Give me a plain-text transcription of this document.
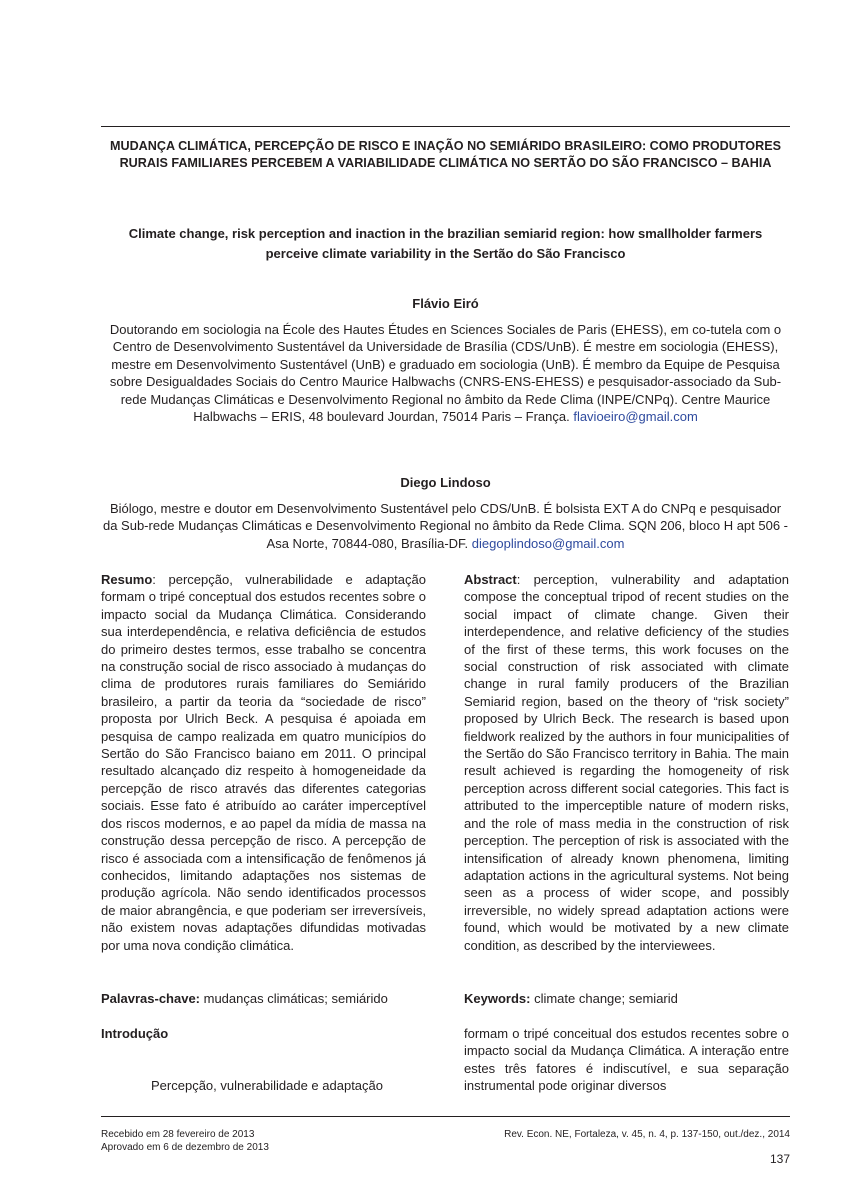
MUDANÇA CLIMÁTICA, PERCEPÇÃO DE RISCO E INAÇÃO NO SEMIÁRIDO BRASILEIRO: COMO PRODUTORES RURAIS FAMILIARES PERCEBEM A VARIABILIDADE CLIMÁTICA NO SERTÃO DO SÃO FRANCISCO – BAHIA
Climate change, risk perception and inaction in the brazilian semiarid region: how smallholder farmers perceive climate variability in the Sertão do São Francisco
Flávio Eiró
Doutorando em sociologia na École des Hautes Études en Sciences Sociales de Paris (EHESS), em co-tutela com o Centro de Desenvolvimento Sustentável da Universidade de Brasília (CDS/UnB). É mestre em sociologia (EHESS), mestre em Desenvolvimento Sustentável (UnB) e graduado em sociologia (UnB). É membro da Equipe de Pesquisa sobre Desigualdades Sociais do Centro Maurice Halbwachs (CNRS-ENS-EHESS) e pesquisador-associado da Sub-rede Mudanças Climáticas e Desenvolvimento Regional no âmbito da Rede Clima (INPE/CNPq). Centre Maurice Halbwachs – ERIS, 48 boulevard Jourdan, 75014 Paris – França. flavioeiro@gmail.com
Diego Lindoso
Biólogo, mestre e doutor em Desenvolvimento Sustentável pelo CDS/UnB. É bolsista EXT A do CNPq e pesquisador da Sub-rede Mudanças Climáticas e Desenvolvimento Regional no âmbito da Rede Clima. SQN 206, bloco H apt 506 - Asa Norte, 70844-080, Brasília-DF. diegoplindoso@gmail.com
Resumo: percepção, vulnerabilidade e adaptação formam o tripé conceptual dos estudos recentes sobre o impacto social da Mudança Climática. Considerando sua interdependência, e relativa deficiência de estudos do primeiro destes termos, esse trabalho se concentra na construção social de risco associado à mudanças do clima de produtores rurais familiares do Semiárido brasileiro, a partir da teoria da “sociedade de risco” proposta por Ulrich Beck. A pesquisa é apoiada em pesquisa de campo realizada em quatro municípios do Sertão do São Francisco baiano em 2011. O principal resultado alcançado diz respeito à homogeneidade da percepção de risco através das diferentes categorias sociais. Esse fato é atribuído ao caráter imperceptível dos riscos modernos, e ao papel da mídia de massa na construção dessa percepção de risco. A percepção de risco é associada com a intensificação de fenômenos já conhecidos, limitando adaptações nos sistemas de produção agrícola. Não sendo identificados processos de maior abrangência, e que poderiam ser irreversíveis, não existem novas adaptações difundidas motivadas por uma nova condição climática.
Abstract: perception, vulnerability and adaptation compose the conceptual tripod of recent studies on the social impact of climate change. Given their interdependence, and relative deficiency of the studies of the first of these terms, this work focuses on the social construction of risk associated with climate change in rural family producers of the Brazilian Semiarid region, based on the theory of “risk society” proposed by Ulrich Beck. The research is based upon fieldwork realized by the authors in four municipalities of the Sertão do São Francisco territory in Bahia. The main result achieved is regarding the homogeneity of risk perception across different social categories. This fact is attributed to the imperceptible nature of modern risks, and the role of mass media in the construction of risk perception. The perception of risk is associated with the intensification of already known phenomena, limiting adaptation actions in the agricultural systems. Not being seen as a process of wider scope, and possibly irreversible, no widely spread adaptation actions were found, which would be motivated by a new climate condition, as described by the interviewees.
Palavras-chave: mudanças climáticas; semiárido	Keywords: climate change; semiarid
Introdução
Percepção, vulnerabilidade e adaptação
formam o tripé conceitual dos estudos recentes sobre o impacto social da Mudança Climática. A interação entre estes três fatores é indiscutível, e sua separação instrumental pode originar diversos
Recebido em 28 fevereiro de 2013
Aprovado em 6 de dezembro de 2013
Rev. Econ. NE, Fortaleza, v. 45, n. 4, p. 137-150, out./dez., 2014
137
